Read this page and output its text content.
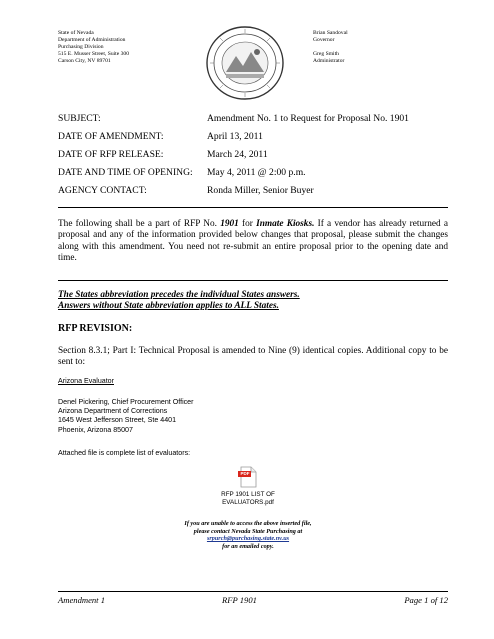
State of Nevada
Department of Administration
Purchasing Division
515 E. Musser Street, Suite 300
Carson City, NV 89701
Brian Sandoval
Governor
Greg Smith
Administrator
SUBJECT:	Amendment No. 1 to Request for Proposal No. 1901
DATE OF AMENDMENT:	April 13, 2011
DATE OF RFP RELEASE:	March 24, 2011
DATE AND TIME OF OPENING: May 4, 2011 @ 2:00 p.m.
AGENCY CONTACT:	Ronda Miller, Senior Buyer
The following shall be a part of RFP No. 1901 for Inmate Kiosks. If a vendor has already returned a proposal and any of the information provided below changes that proposal, please submit the changes along with this amendment. You need not re-submit an entire proposal prior to the opening date and time.
The States abbreviation precedes the individual States answers.
Answers without State abbreviation applies to ALL States.
RFP REVISION:
Section 8.3.1; Part I: Technical Proposal is amended to Nine (9) identical copies. Additional copy to be sent to:
Arizona Evaluator
Denel Pickering, Chief Procurement Officer
Arizona Department of Corrections
1645 West Jefferson Street, Ste 4401
Phoenix, Arizona 85007
Attached file is complete list of evaluators:
PDF
RFP 1901 LIST OF
EVALUATORS.pdf
If you are unable to access the above inserted file,
please contact Nevada State Purchasing at
srpurch@purchasing.state.nv.us
for an emailed copy.
Amendment 1	RFP 1901	Page 1 of 12
